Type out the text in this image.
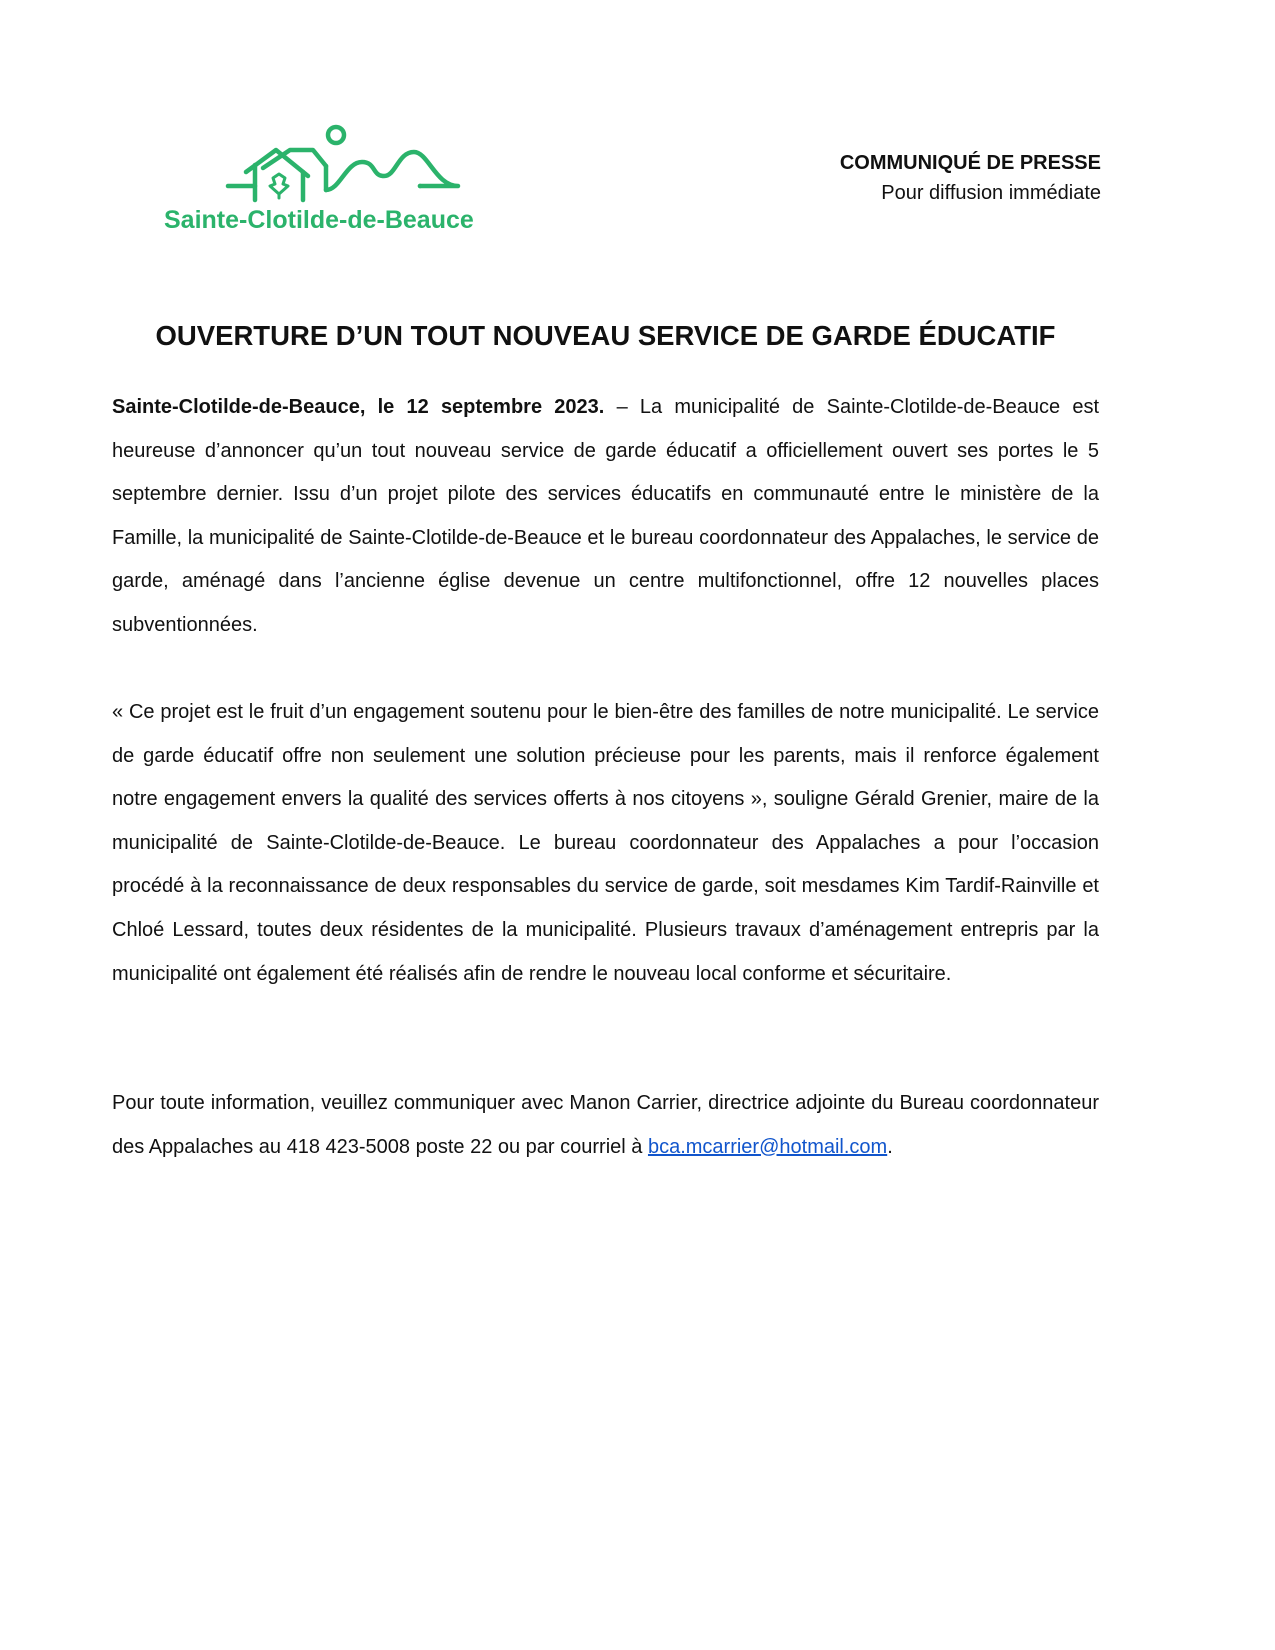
Sainte-Clotilde-de-Beauce
COMMUNIQUÉ DE PRESSE
Pour diffusion immédiate
OUVERTURE D’UN TOUT NOUVEAU SERVICE DE GARDE ÉDUCATIF

Sainte-Clotilde-de-Beauce, le 12 septembre 2023. – La municipalité de Sainte-Clotilde-de-Beauce est heureuse d’annoncer qu’un tout nouveau service de garde éducatif a officiellement ouvert ses portes le 5 septembre dernier. Issu d’un projet pilote des services éducatifs en communauté entre le ministère de la Famille, la municipalité de Sainte-Clotilde-de-Beauce et le bureau coordonnateur des Appalaches, le service de garde, aménagé dans l’ancienne église devenue un centre multifonctionnel, offre 12 nouvelles places subventionnées.

« Ce projet est le fruit d’un engagement soutenu pour le bien-être des familles de notre municipalité. Le service de garde éducatif offre non seulement une solution précieuse pour les parents, mais il renforce également notre engagement envers la qualité des services offerts à nos citoyens », souligne Gérald Grenier, maire de la municipalité de Sainte-Clotilde-de-Beauce. Le bureau coordonnateur des Appalaches a pour l’occasion procédé à la reconnaissance de deux responsables du service de garde, soit mesdames Kim Tardif-Rainville et Chloé Lessard, toutes deux résidentes de la municipalité. Plusieurs travaux d’aménagement entrepris par la municipalité ont également été réalisés afin de rendre le nouveau local conforme et sécuritaire.

Pour toute information, veuillez communiquer avec Manon Carrier, directrice adjointe du Bureau coordonnateur des Appalaches au 418 423-5008 poste 22 ou par courriel à bca.mcarrier@hotmail.com.
